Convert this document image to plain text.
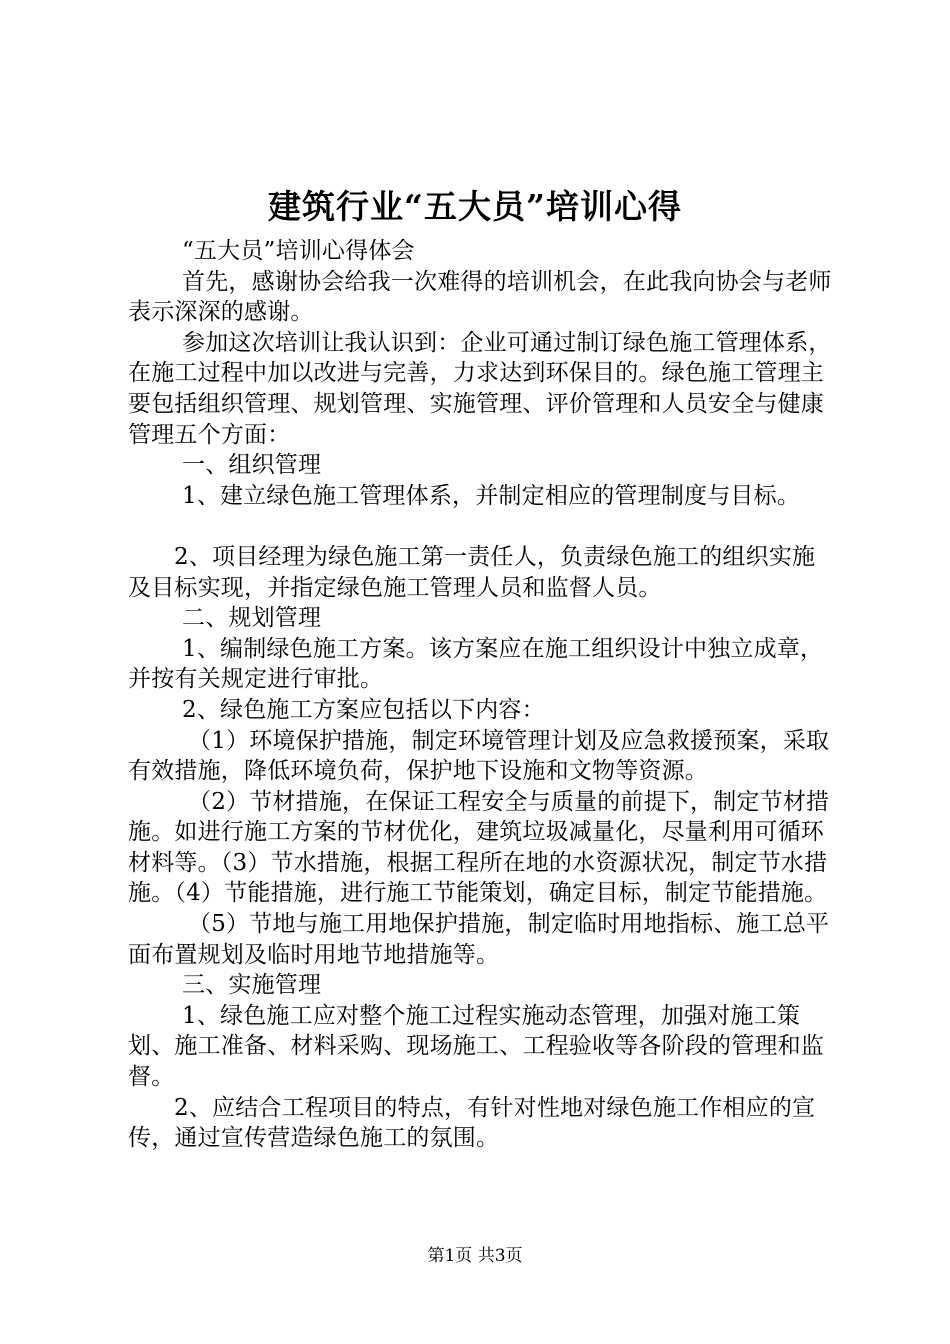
建筑行业“五大员”培训心得

“五大员”培训心得体会

首先，感谢协会给我一次难得的培训机会，在此我向协会与老师表示深深的感谢。

参加这次培训让我认识到：企业可通过制订绿色施工管理体系，在施工过程中加以改进与完善，力求达到环保目的。绿色施工管理主要包括组织管理、规划管理、实施管理、评价管理和人员安全与健康管理五个方面：

一、组织管理

1、建立绿色施工管理体系，并制定相应的管理制度与目标。

2、项目经理为绿色施工第一责任人，负责绿色施工的组织实施及目标实现，并指定绿色施工管理人员和监督人员。

二、规划管理

1、编制绿色施工方案。该方案应在施工组织设计中独立成章，并按有关规定进行审批。

2、绿色施工方案应包括以下内容：

（1）环境保护措施，制定环境管理计划及应急救援预案，采取有效措施，降低环境负荷，保护地下设施和文物等资源。

（2）节材措施，在保证工程安全与质量的前提下，制定节材措施。如进行施工方案的节材优化，建筑垃圾减量化，尽量利用可循环材料等。（3）节水措施，根据工程所在地的水资源状况，制定节水措施。（4）节能措施，进行施工节能策划，确定目标，制定节能措施。

（5）节地与施工用地保护措施，制定临时用地指标、施工总平面布置规划及临时用地节地措施等。

三、实施管理

1、绿色施工应对整个施工过程实施动态管理，加强对施工策划、施工准备、材料采购、现场施工、工程验收等各阶段的管理和监督。

2、应结合工程项目的特点，有针对性地对绿色施工作相应的宣传，通过宣传营造绿色施工的氛围。

第1页 共3页
